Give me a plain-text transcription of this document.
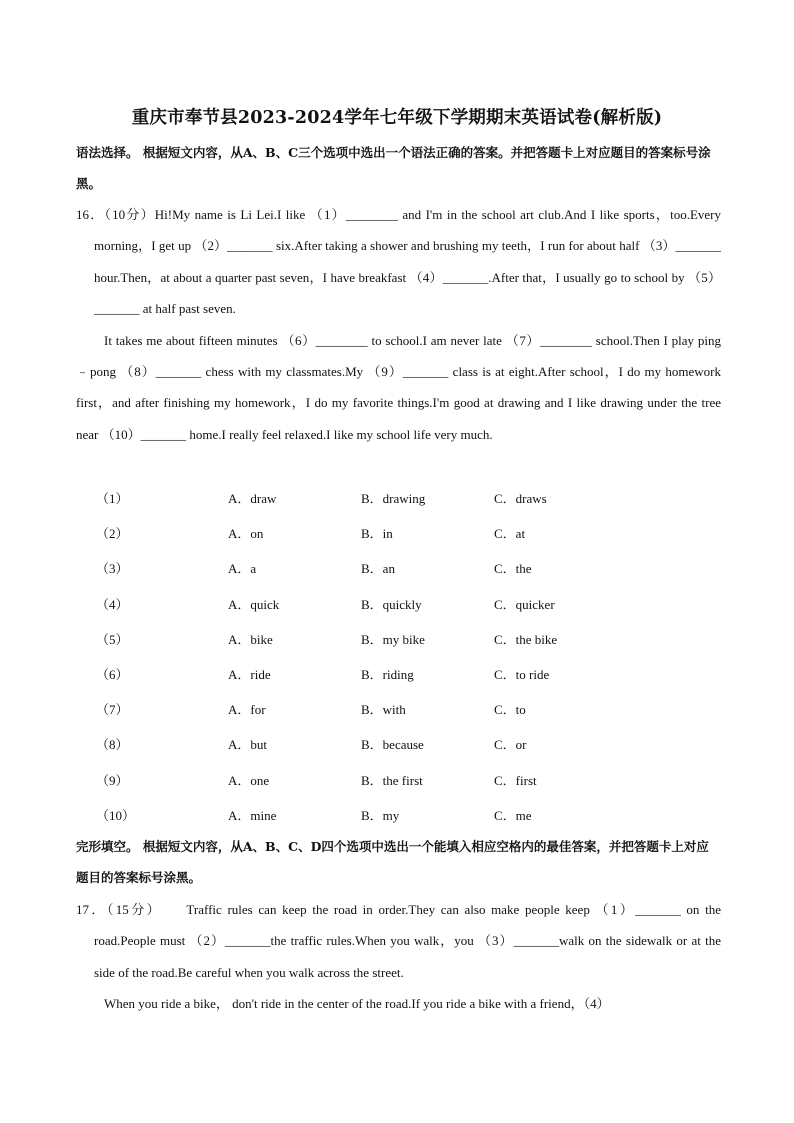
重庆市奉节县2023-2024学年七年级下学期期末英语试卷(解析版)
语法选择。 根据短文内容，从A、B、C三个选项中选出一个语法正确的答案。并把答题卡上对应题目的答案标号涂黑。
16．（10分）Hi!My name is Li Lei.I like （1）________ and I'm in the school art club.And I like sports，too.Every morning，I get up （2）_______ six.After taking a shower and brushing my teeth，I run for about half （3）_______ hour.Then，at about a quarter past seven，I have breakfast （4）_______.After that，I usually go to school by （5）_______ at half past seven.
It takes me about fifteen minutes （6）________ to school.I am never late （7）________ school.Then I play ping﹣pong （8）_______ chess with my classmates.My （9）_______ class is at eight.After school，I do my homework first，and after finishing my homework，I do my favorite things.I'm good at drawing and I like drawing under the tree near （10）_______ home.I really feel relaxed.I like my school life very much.
（1）	A．draw	B．drawing	C．draws
（2）	A．on	B．in	C．at
（3）	A．a	B．an	C．the
（4）	A．quick	B．quickly	C．quicker
（5）	A．bike	B．my bike	C．the bike
（6）	A．ride	B．riding	C．to ride
（7）	A．for	B．with	C．to
（8）	A．but	B．because	C．or
（9）	A．one	B．the first	C．first
（10）	A．mine	B．my	C．me
完形填空。 根据短文内容，从A、B、C、D四个选项中选出一个能填入相应空格内的最佳答案，并把答题卡上对应题目的答案标号涂黑。
17．（15分）　　Traffic rules can keep the road in order.They can also make people keep （1）_______ on the road.People must （2）_______the traffic rules.When you walk，you （3）_______walk on the sidewalk or at the side of the road.Be careful when you walk across the street.
When you ride a bike， don't ride in the center of the road.If you ride a bike with a friend，（4）
